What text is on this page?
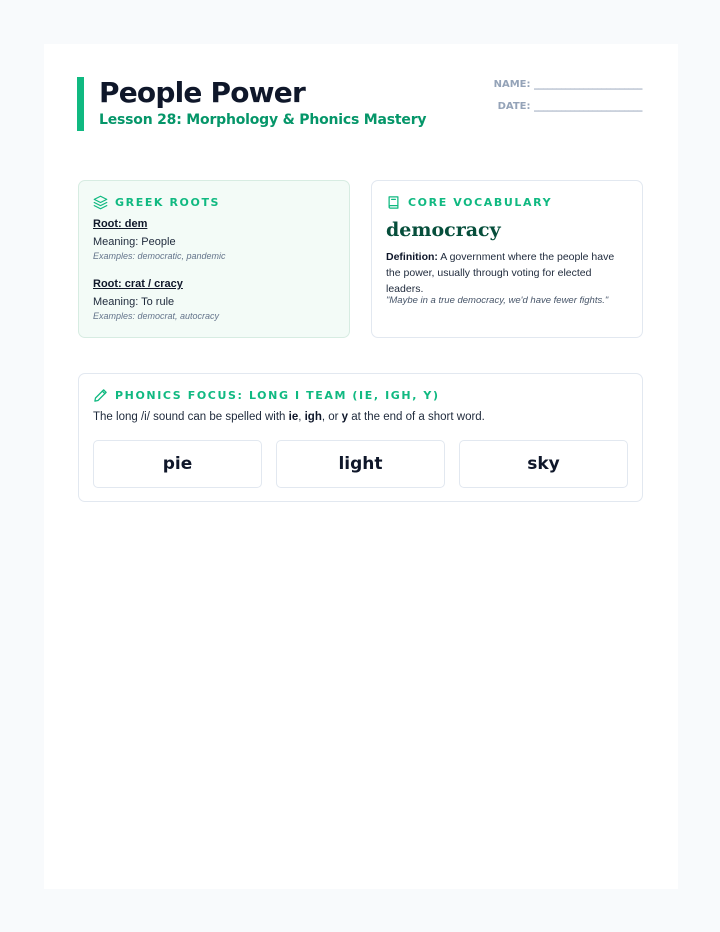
People Power
Lesson 28: Morphology & Phonics Mastery
NAME: ________________________
DATE: ________________________
GREEK ROOTS
Root: dem
Meaning: People
Examples: democratic, pandemic
Root: crat / cracy
Meaning: To rule
Examples: democrat, autocracy
CORE VOCABULARY
democracy
Definition: A government where the people have the power, usually through voting for elected leaders.
"Maybe in a true democracy, we'd have fewer fights."
PHONICS FOCUS: LONG I TEAM (IE, IGH, Y)
The long /i/ sound can be spelled with ie, igh, or y at the end of a short word.
pie	light	sky
